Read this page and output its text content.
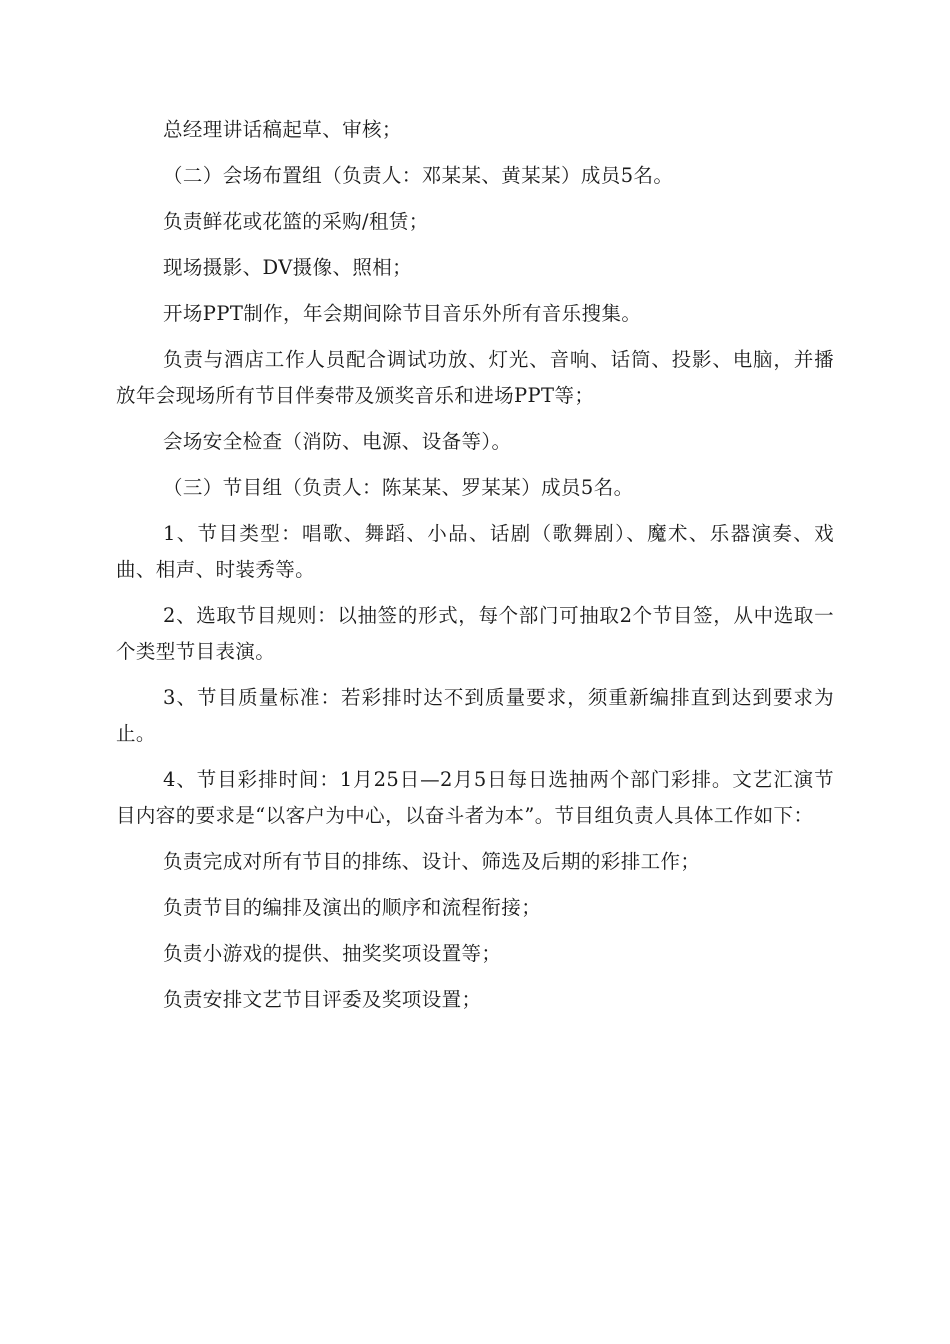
总经理讲话稿起草、审核；

（二）会场布置组（负责人：邓某某、黄某某）成员5名。

负责鲜花或花篮的采购/租赁；

现场摄影、DV摄像、照相；

开场PPT制作，年会期间除节目音乐外所有音乐搜集。

负责与酒店工作人员配合调试功放、灯光、音响、话筒、投影、电脑，并播放年会现场所有节目伴奏带及颁奖音乐和进场PPT等；

会场安全检查（消防、电源、设备等）。

（三）节目组（负责人：陈某某、罗某某）成员5名。

1、节目类型：唱歌、舞蹈、小品、话剧（歌舞剧）、魔术、乐器演奏、戏曲、相声、时装秀等。

2、选取节目规则：以抽签的形式，每个部门可抽取2个节目签，从中选取一个类型节目表演。

3、节目质量标准：若彩排时达不到质量要求，须重新编排直到达到要求为止。

4、节目彩排时间：1月25日—2月5日每日选抽两个部门彩排。文艺汇演节目内容的要求是“以客户为中心，以奋斗者为本”。节目组负责人具体工作如下：

负责完成对所有节目的排练、设计、筛选及后期的彩排工作；

负责节目的编排及演出的顺序和流程衔接；

负责小游戏的提供、抽奖奖项设置等；

负责安排文艺节目评委及奖项设置；
